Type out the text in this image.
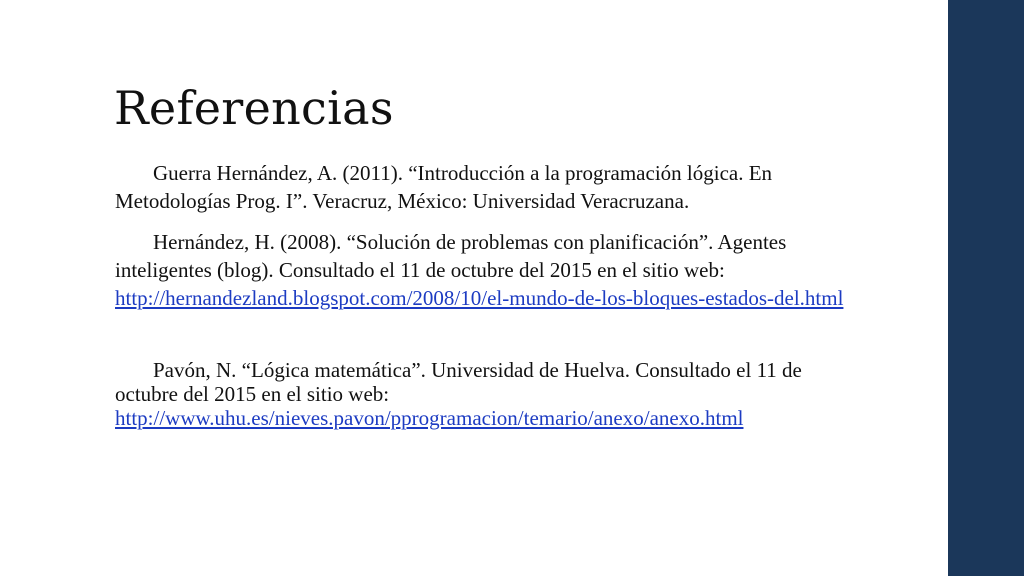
Referencias

Guerra Hernández, A. (2011). “Introducción a la programación lógica. En Metodologías Prog. I”. Veracruz, México: Universidad Veracruzana.

Hernández, H. (2008). “Solución de problemas con planificación”. Agentes inteligentes (blog). Consultado el 11 de octubre del 2015 en el sitio web: http://hernandezland.blogspot.com/2008/10/el-mundo-de-los-bloques-estados-del.html

Pavón, N. “Lógica matemática”. Universidad de Huelva. Consultado el 11 de octubre del 2015 en el sitio web: http://www.uhu.es/nieves.pavon/pprogramacion/temario/anexo/anexo.html
